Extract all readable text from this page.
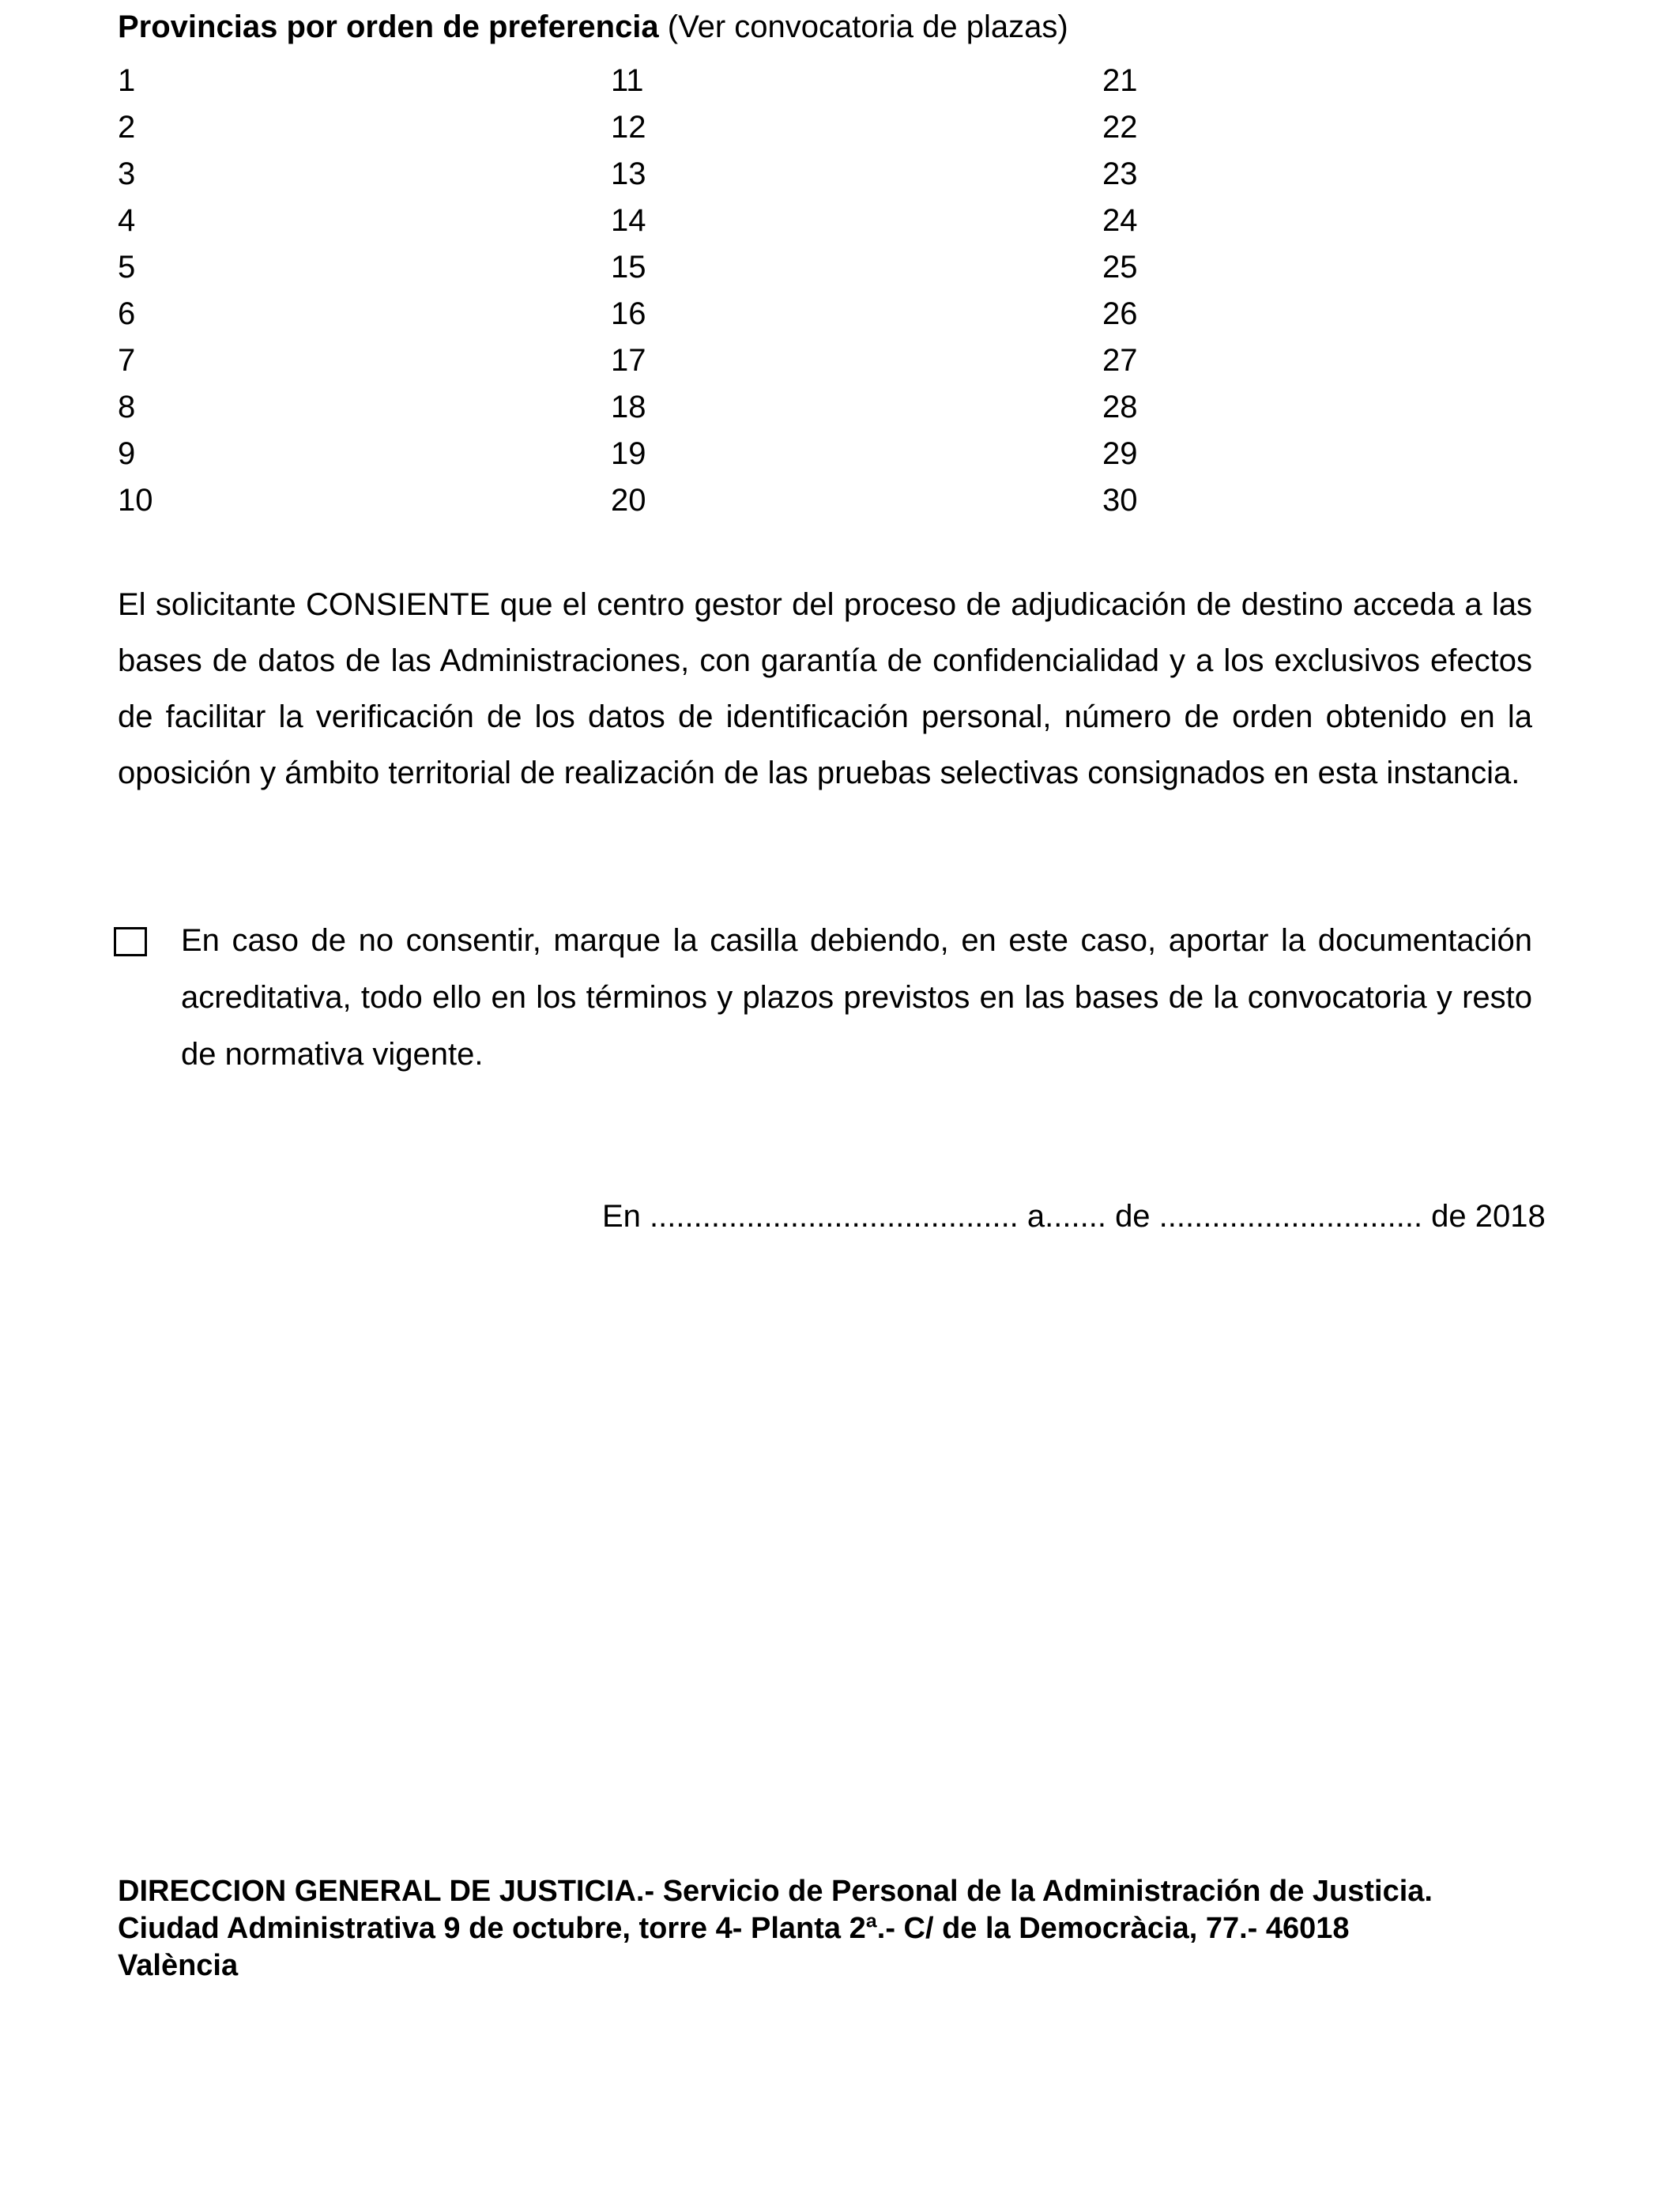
Provincias por orden de preferencia (Ver convocatoria de plazas)
1
2
3
4
5
6
7
8
9
10
11
12
13
14
15
16
17
18
19
20
21
22
23
24
25
26
27
28
29
30

El solicitante CONSIENTE que el centro gestor del proceso de adjudicación de destino acceda a las bases de datos de las Administraciones, con garantía de confidencialidad y a los exclusivos efectos de facilitar la verificación de los datos de identificación personal, número de orden obtenido en la oposición y ámbito territorial de realización de las pruebas selectivas consignados en esta instancia.

En caso de no consentir, marque la casilla debiendo, en este caso, aportar la documentación acreditativa, todo ello en los términos y plazos previstos en las bases de la convocatoria y resto de normativa vigente.

En .......................................... a....... de .............................. de 2018
DIRECCION GENERAL DE JUSTICIA.- Servicio de Personal de la Administración de Justicia.
Ciudad Administrativa 9 de octubre, torre 4- Planta 2ª.- C/ de la Democràcia, 77.- 46018
València
